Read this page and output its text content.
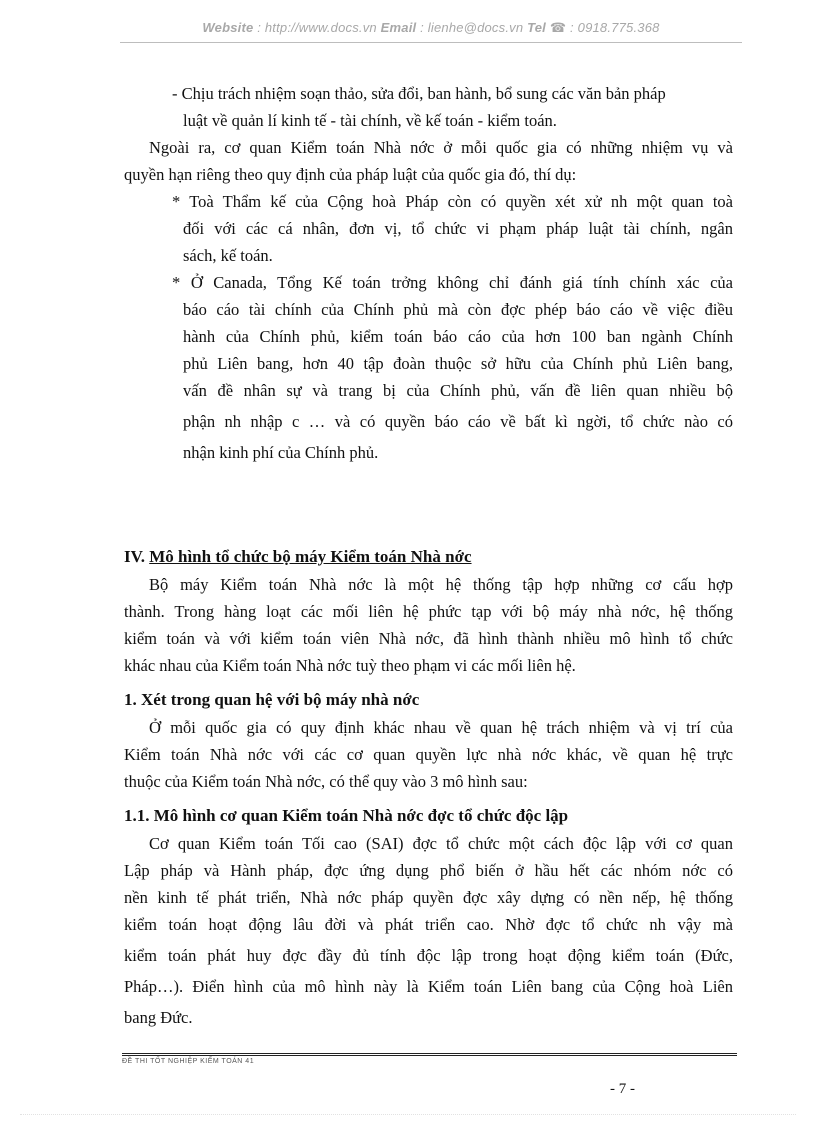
Website : http://www.docs.vn Email : lienhe@docs.vn Tel ☎ : 0918.775.368
- Chịu trách nhiệm soạn thảo, sửa đổi, ban hành, bổ sung các văn bản pháp
luật về quản lí kinh tế - tài chính, về kế toán - kiểm toán.
Ngoài ra, cơ quan Kiểm toán Nhà nớc ở mỗi quốc gia có những nhiệm vụ và
quyền hạn riêng theo quy định của pháp luật của quốc gia đó, thí dụ:
* Toà Thẩm kế của Cộng hoà Pháp còn có quyền xét xử nh một quan toà
đối với các cá nhân, đơn vị, tổ chức vi phạm pháp luật tài chính, ngân
sách, kế toán.
* Ở Canada, Tổng Kế toán trởng không chỉ đánh giá tính chính xác của
báo cáo tài chính của Chính phủ mà còn đợc phép báo cáo về việc điều
hành của Chính phủ, kiểm toán báo cáo của hơn 100 ban ngành Chính
phủ Liên bang, hơn 40 tập đoàn thuộc sở hữu của Chính phủ Liên bang,
vấn đề nhân sự và trang bị của Chính phủ, vấn đề liên quan nhiều bộ
phận nh nhập c … và có quyền báo cáo về bất kì ngời, tổ chức nào có
nhận kinh phí của Chính phủ.
IV. Mô hình tổ chức bộ máy Kiểm toán Nhà nớc
Bộ máy Kiểm toán Nhà nớc là một hệ thống tập hợp những cơ cấu hợp
thành. Trong hàng loạt các mối liên hệ phức tạp với bộ máy nhà nớc, hệ thống
kiểm toán và với kiểm toán viên Nhà nớc, đã hình thành nhiều mô hình tổ chức
khác nhau của Kiểm toán Nhà nớc tuỳ theo phạm vi các mối liên hệ.
1. Xét trong quan hệ với bộ máy nhà nớc
Ở mỗi quốc gia có quy định khác nhau về quan hệ trách nhiệm và vị trí của
Kiểm toán Nhà nớc với các cơ quan quyền lực nhà nớc khác, về quan hệ trực
thuộc của Kiểm toán Nhà nớc, có thể quy vào 3 mô hình sau:
1.1. Mô hình cơ quan Kiểm toán Nhà nớc đợc tổ chức độc lập
Cơ quan Kiểm toán Tối cao (SAI) đợc tổ chức một cách độc lập với cơ quan
Lập pháp và Hành pháp, đợc ứng dụng phổ biến ở hầu hết các nhóm nớc có
nền kinh tế phát triển, Nhà nớc pháp quyền đợc xây dựng có nền nếp, hệ thống
kiểm toán hoạt động lâu đời và phát triển cao. Nhờ đợc tổ chức nh vậy mà
kiểm toán phát huy đợc đầy đủ tính độc lập trong hoạt động kiểm toán (Đức,
Pháp…). Điển hình của mô hình này là Kiểm toán Liên bang của Cộng hoà Liên
bang Đức.
ĐỀ THI TỐT NGHIỆP KIỂM TOÁN 41
- 7 -
